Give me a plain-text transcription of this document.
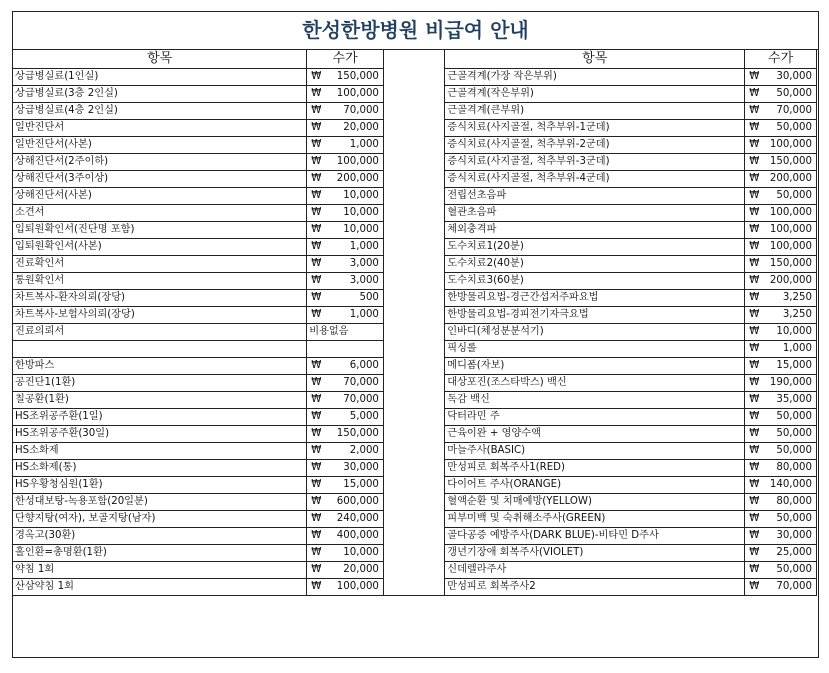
한성한방병원 비급여 안내
항목	수가		항목	수가
상급병실료(1인실)	₩ 150,000		근골격계(가장 작은부위)	₩ 30,000

상급병실료(3층 2인실)	₩ 100,000		근골격계(작은부위)	₩ 50,000

상급병실료(4층 2인실)	₩ 70,000		근골격계(큰부위)	₩ 70,000

일반진단서	₩ 20,000		증식치료(사지골절, 척추부위-1군데)	₩ 50,000

일반진단서(사본)	₩ 1,000		증식치료(사지골절, 척추부위-2군데)	₩ 100,000

상해진단서(2주이하)	₩ 100,000		증식치료(사지골절, 척추부위-3군데)	₩ 150,000

상해진단서(3주이상)	₩ 200,000		증식치료(사지골절, 척추부위-4군데)	₩ 200,000

상해진단서(사본)	₩ 10,000		전립선초음파	₩ 50,000

소견서	₩ 10,000		혈관초음파	₩ 100,000

입퇴원확인서(진단명 포함)	₩ 10,000		체외충격파	₩ 100,000

입퇴원확인서(사본)	₩ 1,000		도수치료1(20분)	₩ 100,000

진료확인서	₩ 3,000		도수치료2(40분)	₩ 150,000

통원확인서	₩ 3,000		도수치료3(60분)	₩ 200,000

차트복사-환자의뢰(장당)	₩ 500		한방물리요법-경근간섭저주파요법	₩ 3,250

차트복사-보험사의뢰(장당)	₩ 1,000		한방물리요법-경피전기자극요법	₩ 3,250

진료의뢰서	비용없음		인바디(체성분분석기)	₩ 10,000

			픽싱롤	₩ 1,000

한방파스	₩ 6,000		메디폼(자보)	₩ 15,000

공진단1(1환)	₩ 70,000		대상포진(조스타박스) 백신	₩ 190,000

칠공환(1환)	₩ 70,000		독감 백신	₩ 35,000

HS조위공주환(1일)	₩ 5,000		닥터라민 주	₩ 50,000

HS조위공주환(30일)	₩ 150,000		근육이완 + 영양수액	₩ 50,000

HS소화제	₩ 2,000		마늘주사(BASIC)	₩ 50,000

HS소화제(통)	₩ 30,000		만성피로 회복주사1(RED)	₩ 80,000

HS우황청심원(1환)	₩ 15,000		다이어트 주사(ORANGE)	₩ 140,000

한성대보탕-녹용포함(20일분)	₩ 600,000		혈액순환 및 치매예방(YELLOW)	₩ 80,000

단향지탕(여자), 보골지탕(남자)	₩ 240,000		피부미백 및 숙취해소주사(GREEN)	₩ 50,000

경옥고(30환)	₩ 400,000		골다공증 예방주사(DARK BLUE)-비타민 D주사	₩ 30,000

홀인환=총명환(1환)	₩ 10,000		갱년기장애 회복주사(VIOLET)	₩ 25,000

약침 1회	₩ 20,000		신데렐라주사	₩ 50,000

산삼약침 1회	₩ 100,000		만성피로 회복주사2	₩ 70,000
